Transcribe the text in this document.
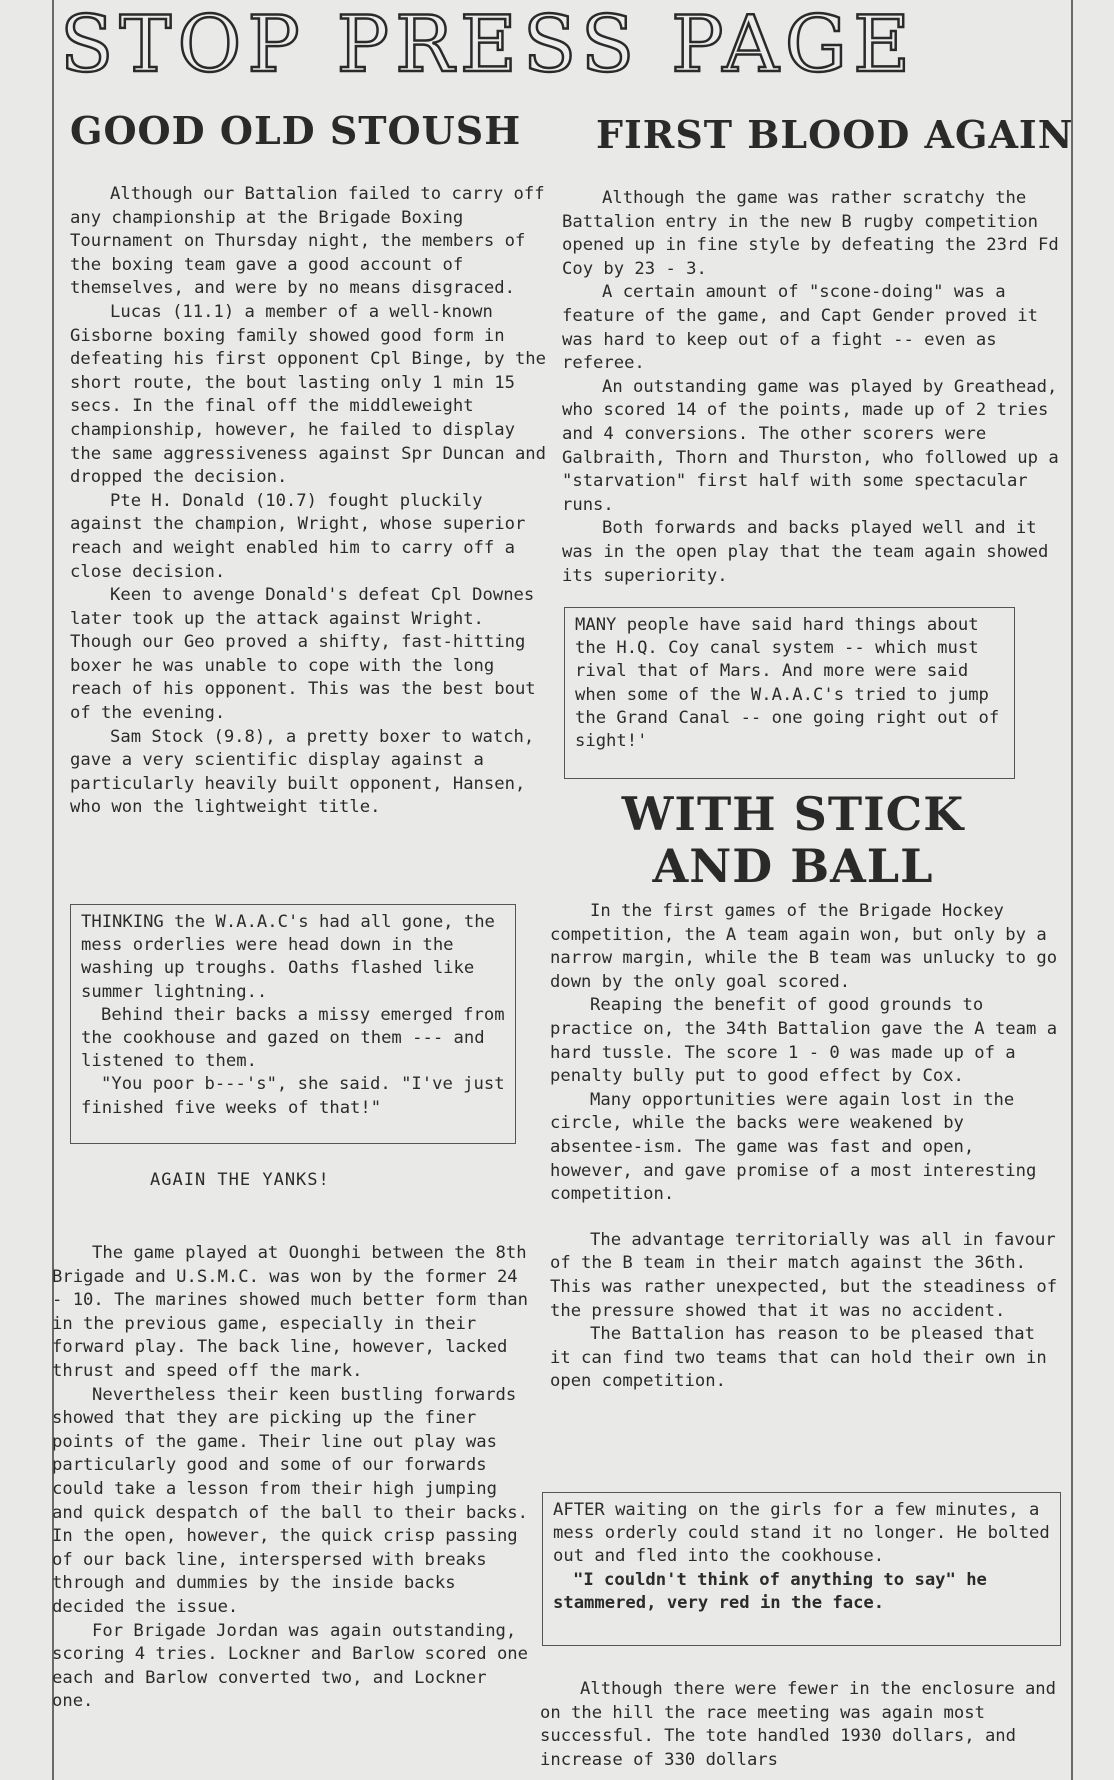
STOP PRESS PAGE
GOOD OLD STOUSH

Although our Battalion failed to carry off any championship at the Brigade Boxing Tournament on Thursday night, the members of the boxing team gave a good account of themselves, and were by no means disgraced.

Lucas (11.1) a member of a well-known Gisborne boxing family showed good form in defeating his first opponent Cpl Binge, by the short route, the bout lasting only 1 min 15 secs. In the final off the middleweight championship, however, he failed to display the same aggressiveness against Spr Duncan and dropped the decision.

Pte H. Donald (10.7) fought pluckily against the champion, Wright, whose superior reach and weight enabled him to carry off a close decision.

Keen to avenge Donald's defeat Cpl Downes later took up the attack against Wright. Though our Geo proved a shifty, fast-hitting boxer he was unable to cope with the long reach of his opponent. This was the best bout of the evening.

Sam Stock (9.8), a pretty boxer to watch, gave a very scientific display against a particularly heavily built opponent, Hansen, who won the lightweight title.

THINKING the W.A.A.C's had all gone, the mess orderlies were head down in the washing up troughs. Oaths flashed like summer lightning..

Behind their backs a missy emerged from the cookhouse and gazed on them --- and listened to them.

"You poor b---'s", she said. "I've just finished five weeks of that!"

AGAIN THE YANKS!

The game played at Ouonghi between the 8th Brigade and U.S.M.C. was won by the former 24 - 10. The marines showed much better form than in the previous game, especially in their forward play. The back line, however, lacked thrust and speed off the mark.

Nevertheless their keen bustling forwards showed that they are picking up the finer points of the game. Their line out play was particularly good and some of our forwards could take a lesson from their high jumping and quick despatch of the ball to their backs. In the open, however, the quick crisp passing of our back line, interspersed with breaks through and dummies by the inside backs decided the issue.

For Brigade Jordan was again outstanding, scoring 4 tries. Lockner and Barlow scored one each and Barlow converted two, and Lockner one.

FIRST BLOOD AGAIN

Although the game was rather scratchy the Battalion entry in the new B rugby competition opened up in fine style by defeating the 23rd Fd Coy by 23 - 3.

A certain amount of "scone-doing" was a feature of the game, and Capt Gender proved it was hard to keep out of a fight -- even as referee.

An outstanding game was played by Greathead, who scored 14 of the points, made up of 2 tries and 4 conversions. The other scorers were Galbraith, Thorn and Thurston, who followed up a "starvation" first half with some spectacular runs.

Both forwards and backs played well and it was in the open play that the team again showed its superiority.

MANY people have said hard things about the H.Q. Coy canal system -- which must rival that of Mars. And more were said when some of the W.A.A.C's tried to jump the Grand Canal -- one going right out of sight!'

WITH STICK AND BALL

In the first games of the Brigade Hockey competition, the A team again won, but only by a narrow margin, while the B team was unlucky to go down by the only goal scored.

Reaping the benefit of good grounds to practice on, the 34th Battalion gave the A team a hard tussle. The score 1 - 0 was made up of a penalty bully put to good effect by Cox.

Many opportunities were again lost in the circle, while the backs were weakened by absentee-ism. The game was fast and open, however, and gave promise of a most interesting competition.

The advantage territorially was all in favour of the B team in their match against the 36th. This was rather unexpected, but the steadiness of the pressure showed that it was no accident.

The Battalion has reason to be pleased that it can find two teams that can hold their own in open competition.

AFTER waiting on the girls for a few minutes, a mess orderly could stand it no longer. He bolted out and fled into the cookhouse.

"I couldn't think of anything to say" he stammered, very red in the face.

Although there were fewer in the enclosure and on the hill the race meeting was again most successful. The tote handled 1930 dollars, and increase of 330 dollars
